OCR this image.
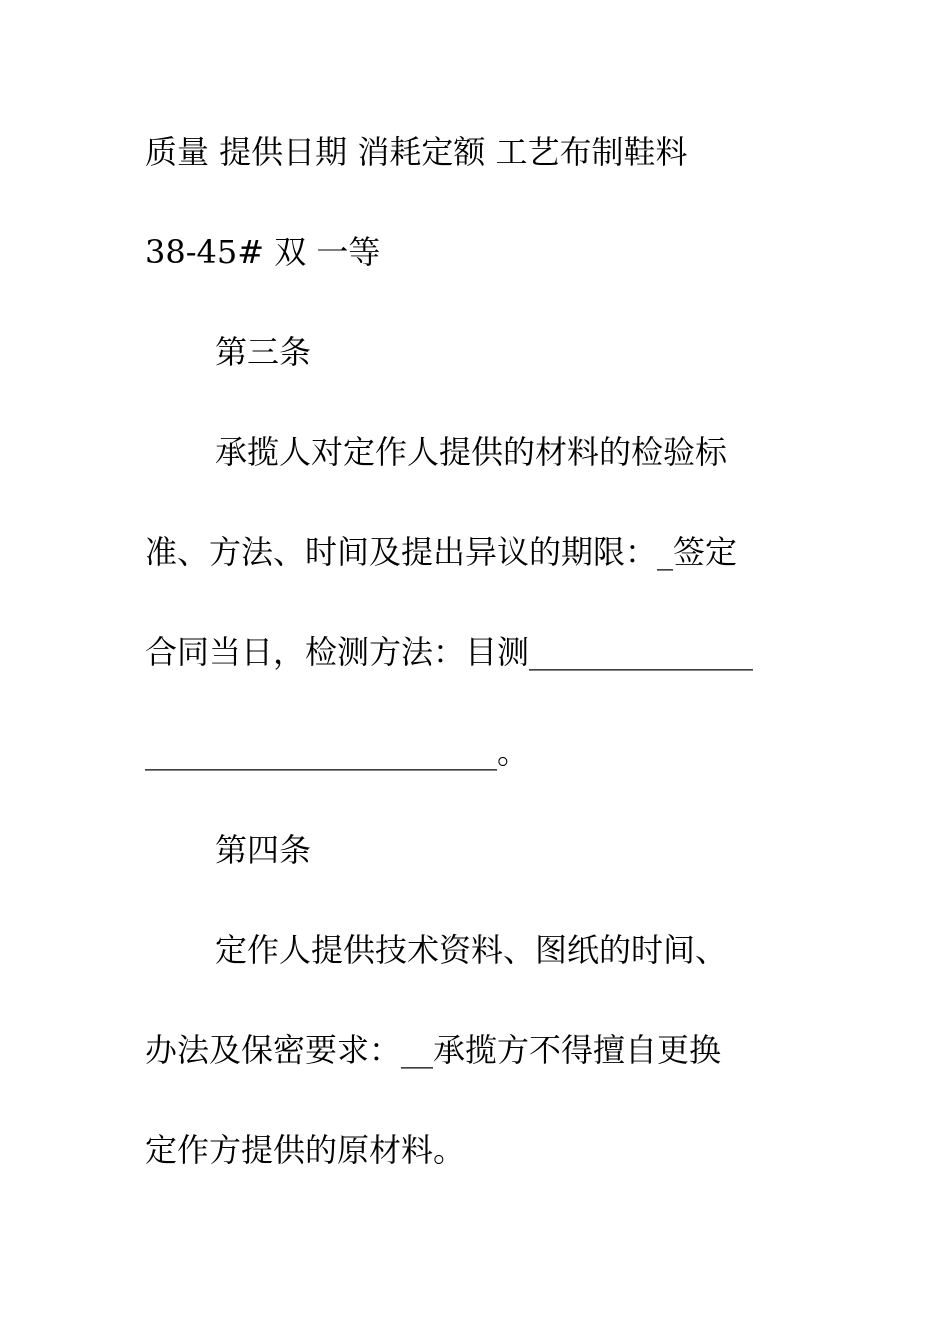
质量 提供日期 消耗定额 工艺布制鞋料
38-45# 双 一等
第三条
承揽人对定作人提供的材料的检验标
准、方法、时间及提出异议的期限：_签定
合同当日，检测方法：目测______________
______________________。
第四条
定作人提供技术资料、图纸的时间、
办法及保密要求：__承揽方不得擅自更换
定作方提供的原材料。
